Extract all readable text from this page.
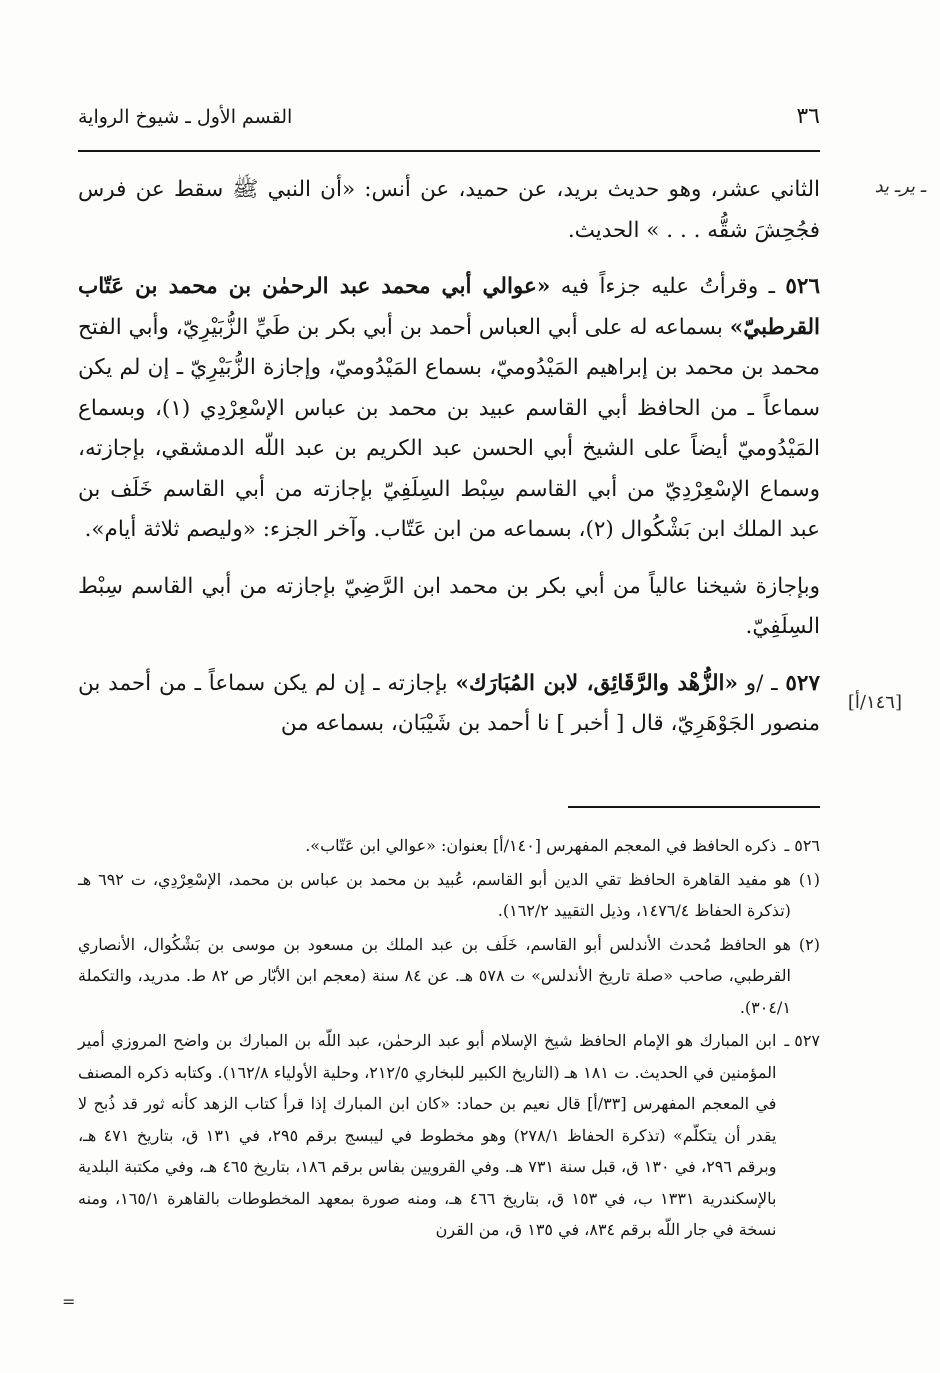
٣٦
القسم الأول ـ شيوخ الرواية
ـ يرـ يد
[١٤٦/أ]
=

الثاني عشر، وهو حديث بريد، عن حميد، عن أنس: «أن النبي ﷺ سقط عن فرس فجُحِشَ شقُّه . . . » الحديث.

٥٢٦ ـ وقرأتُ عليه جزءاً فيه «عوالي أبي محمد عبد الرحمٰن بن محمد بن عَتّاب القرطبيّ» بسماعه له على أبي العباس أحمد بن أبي بكر بن طَيِّ الزُّبَيْرِيّ، وأبي الفتح محمد بن محمد بن إبراهيم المَيْدُوميّ، بسماع المَيْدُوميّ، وإجازة الزُّبَيْرِيّ ـ إن لم يكن سماعاً ـ من الحافظ أبي القاسم عبيد بن محمد بن عباس الإسْعِرْدِي (١)، وبسماع المَيْدُوميّ أيضاً على الشيخ أبي الحسن عبد الكريم بن عبد اللّه الدمشقي، بإجازته، وسماع الإسْعِرْدِيّ من أبي القاسم سِبْط السِلَفِيّ بإجازته من أبي القاسم خَلَف بن عبد الملك ابن بَشْكُوال (٢)، بسماعه من ابن عَتّاب. وآخر الجزء: «وليصم ثلاثة أيام».

وبإجازة شيخنا عالياً من أبي بكر بن محمد ابن الرَّضِيّ بإجازته من أبي القاسم سِبْط السِلَفِيّ.

٥٢٧ ـ /و «الزُّهْد والرَّقَائِق، لابن المُبَارَك» بإجازته ـ إن لم يكن سماعاً ـ من أحمد بن منصور الجَوْهَرِيّ، قال [ أخبر ] نا أحمد بن شَيْبَان، بسماعه من

٥٢٦ ـ
ذكره الحافظ في المعجم المفهرس [١٤٠/أ] بعنوان: «عوالي ابن عَتّاب».
(١)
هو مفيد القاهرة الحافظ تقي الدين أبو القاسم، عُبيد بن محمد بن عباس بن محمد، الإسْعِرْدِي، ت ٦٩٢ هـ (تذكرة الحفاظ ١٤٧٦/٤، وذيل التقييد ١٦٢/٢).
(٢)
هو الحافظ مُحدث الأندلس أبو القاسم، خَلَف بن عبد الملك بن مسعود بن موسى بن بَشْكُوال، الأنصاري القرطبي، صاحب «صلة تاريخ الأندلس» ت ٥٧٨ هـ. عن ٨٤ سنة (معجم ابن الأبّار ص ٨٢ ط. مدريد، والتكملة ٣٠٤/١).
٥٢٧ ـ
ابن المبارك هو الإمام الحافظ شيخ الإسلام أبو عبد الرحمٰن، عبد اللّه بن المبارك بن واضح المروزي أمير المؤمنين في الحديث. ت ١٨١ هـ (التاريخ الكبير للبخاري ٢١٢/٥، وحلية الأولياء ١٦٢/٨). وكتابه ذكره المصنف في المعجم المفهرس [٣٣/أ] قال نعيم بن حماد: «كان ابن المبارك إذا قرأ كتاب الزهد كأنه ثور قد ذُبح لا يقدر أن يتكلّم» (تذكرة الحفاظ ٢٧٨/١) وهو مخطوط في ليبسج برقم ٢٩٥، في ١٣١ ق، بتاريخ ٤٧١ هـ، وبرقم ٢٩٦، في ١٣٠ ق، قبل سنة ٧٣١ هـ. وفي القرويين بفاس برقم ١٨٦، بتاريخ ٤٦٥ هـ، وفي مكتبة البلدية بالإسكندرية ١٣٣١ ب، في ١٥٣ ق، بتاريخ ٤٦٦ هـ، ومنه صورة بمعهد المخطوطات بالقاهرة ١٦٥/١، ومنه نسخة في جار اللّه برقم ٨٣٤، في ١٣٥ ق، من القرن
